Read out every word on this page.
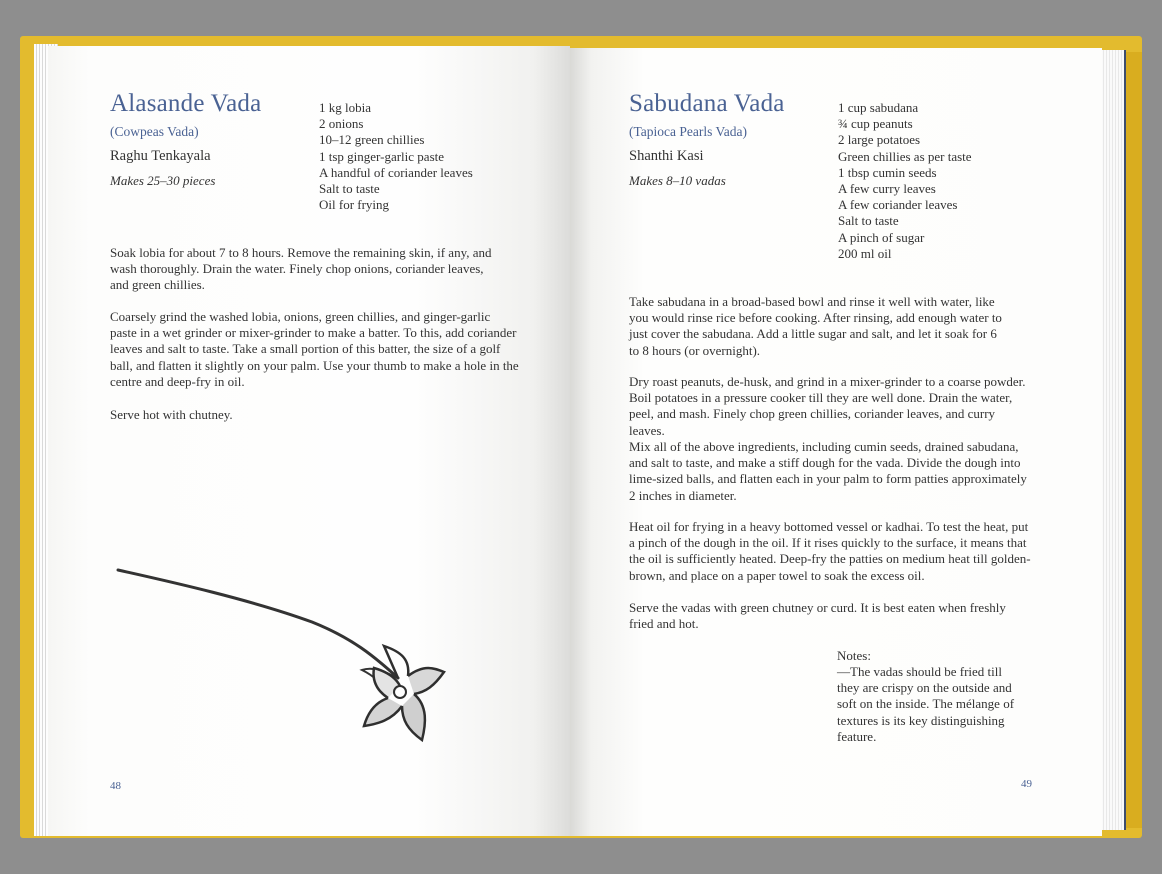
Alasande Vada
(Cowpeas Vada)
Raghu Tenkayala
Makes 25–30 pieces
1 kg lobia
2 onions
10–12 green chillies
1 tsp ginger-garlic paste
A handful of coriander leaves
Salt to taste
Oil for frying

Soak lobia for about 7 to 8 hours. Remove the remaining skin, if any, and wash thoroughly. Drain the water. Finely chop onions, coriander leaves, and green chillies.

Coarsely grind the washed lobia, onions, green chillies, and ginger-garlic paste in a wet grinder or mixer-grinder to make a batter. To this, add coriander leaves and salt to taste. Take a small portion of this batter, the size of a golf ball, and flatten it slightly on your palm. Use your thumb to make a hole in the centre and deep-fry in oil.

Serve hot with chutney.

48
Sabudana Vada
(Tapioca Pearls Vada)
Shanthi Kasi
Makes 8–10 vadas
1 cup sabudana
¾ cup peanuts
2 large potatoes
Green chillies as per taste
1 tbsp cumin seeds
A few curry leaves
A few coriander leaves
Salt to taste
A pinch of sugar
200 ml oil

Take sabudana in a broad-based bowl and rinse it well with water, like you would rinse rice before cooking. After rinsing, add enough water to just cover the sabudana. Add a little sugar and salt, and let it soak for 6 to 8 hours (or overnight).

Dry roast peanuts, de-husk, and grind in a mixer-grinder to a coarse powder. Boil potatoes in a pressure cooker till they are well done. Drain the water, peel, and mash. Finely chop green chillies, coriander leaves, and curry leaves.

Mix all of the above ingredients, including cumin seeds, drained sabudana, and salt to taste, and make a stiff dough for the vada. Divide the dough into lime-sized balls, and flatten each in your palm to form patties approximately 2 inches in diameter.

Heat oil for frying in a heavy bottomed vessel or kadhai. To test the heat, put a pinch of the dough in the oil. If it rises quickly to the surface, it means that the oil is sufficiently heated. Deep-fry the patties on medium heat till golden-brown, and place on a paper towel to soak the excess oil.

Serve the vadas with green chutney or curd. It is best eaten when freshly fried and hot.

Notes:

—The vadas should be fried till they are crispy on the outside and soft on the inside. The mélange of textures is its key distinguishing feature.

49
